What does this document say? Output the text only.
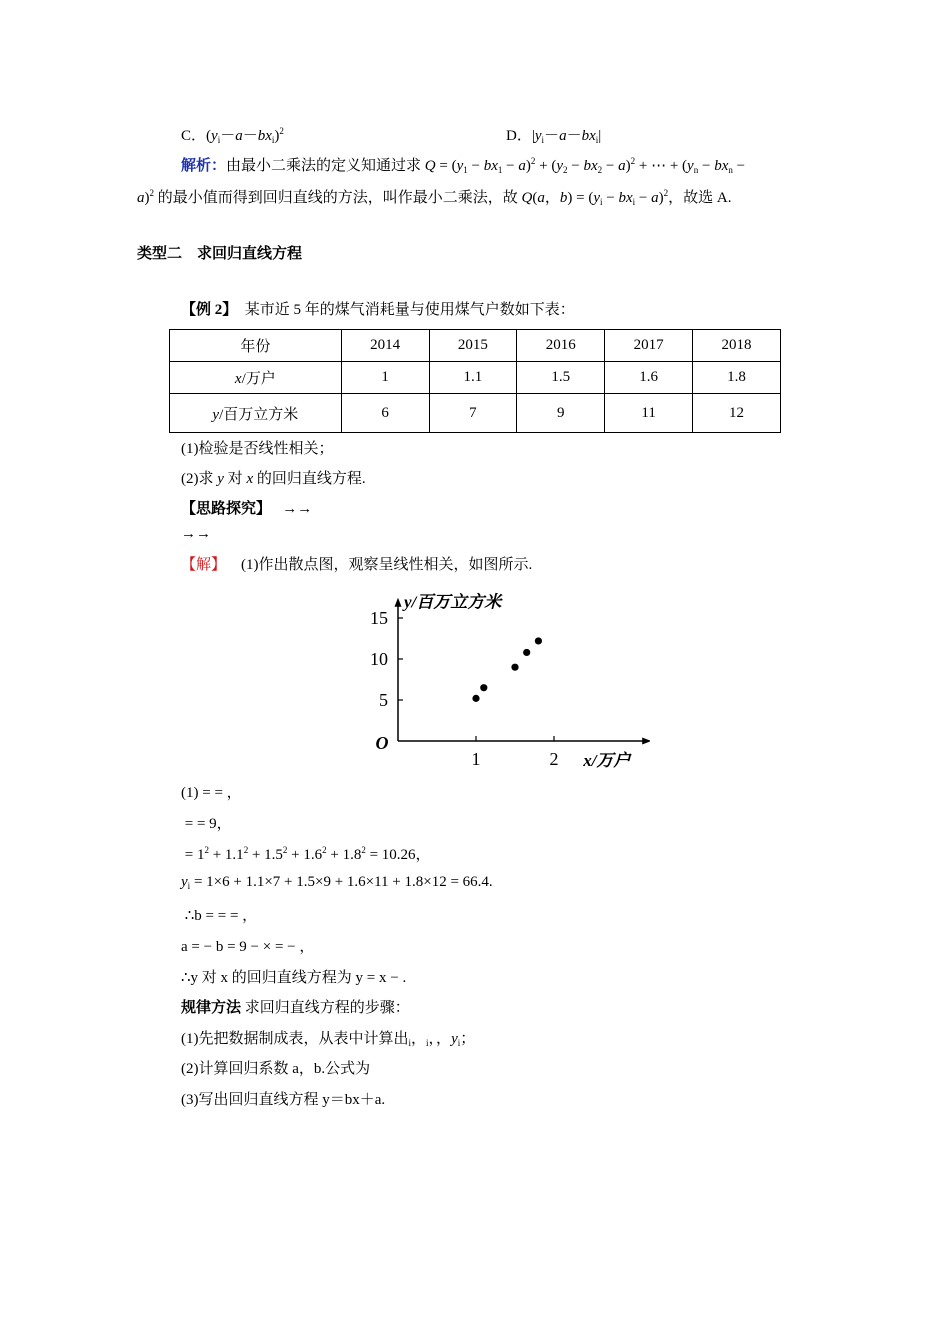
C．$(y_i-a-bx_i)^2$	D．$|y_i-a-bx_i|$
解析：由最小二乘法的定义知通过求 $Q = (y_1 - bx_1 - a)^2 + (y_2 - bx_2 - a)^2$ + ⋯ + ($y_n - bx_n$ −
a)$^2$ 的最小值而得到回归直线的方法，叫作最小二乘法，故 Q(a，$b) = (y_i - bx_i - a)^2$，故选 A.
类型二　求回归直线方程
【例 2】 某市近 5 年的煤气消耗量与使用煤气户数如下表：
年份	2014	2015	2016	2017	2018
x/万户	1	1.1	1.5	1.6	1.8
y/百万立方米	6	7	9	11	12
(1)检验是否线性相关；
(2)求 y 对 x 的回归直线方程.
【思路探究】 →→
→→
【解】 (1)作出散点图，观察呈线性相关，如图所示.
O
y/百万立方米
x/万户
1	2
5
10
15
(1) = = ，
= = 9，
= $1^2 + 1.1^2 + 1.5^2 + 1.6^2 + 1.8^2 = 10.26$，
$y_i = 1\times 6 + 1.1\times 7 + 1.5\times 9 + 1.6\times 11 + 1.8\times 12 = 66.4$.
∴b = = = ，
a = − b = 9 − × = − ，
∴y 对 x 的回归直线方程为 y = x − .
规律方法 求回归直线方程的步骤：
(1)先把数据制成表，从表中计算出$_i$，$_i$，，$y_i$；
(2)计算回归系数 a，b.公式为
(3)写出回归直线方程 y＝bx＋a.
